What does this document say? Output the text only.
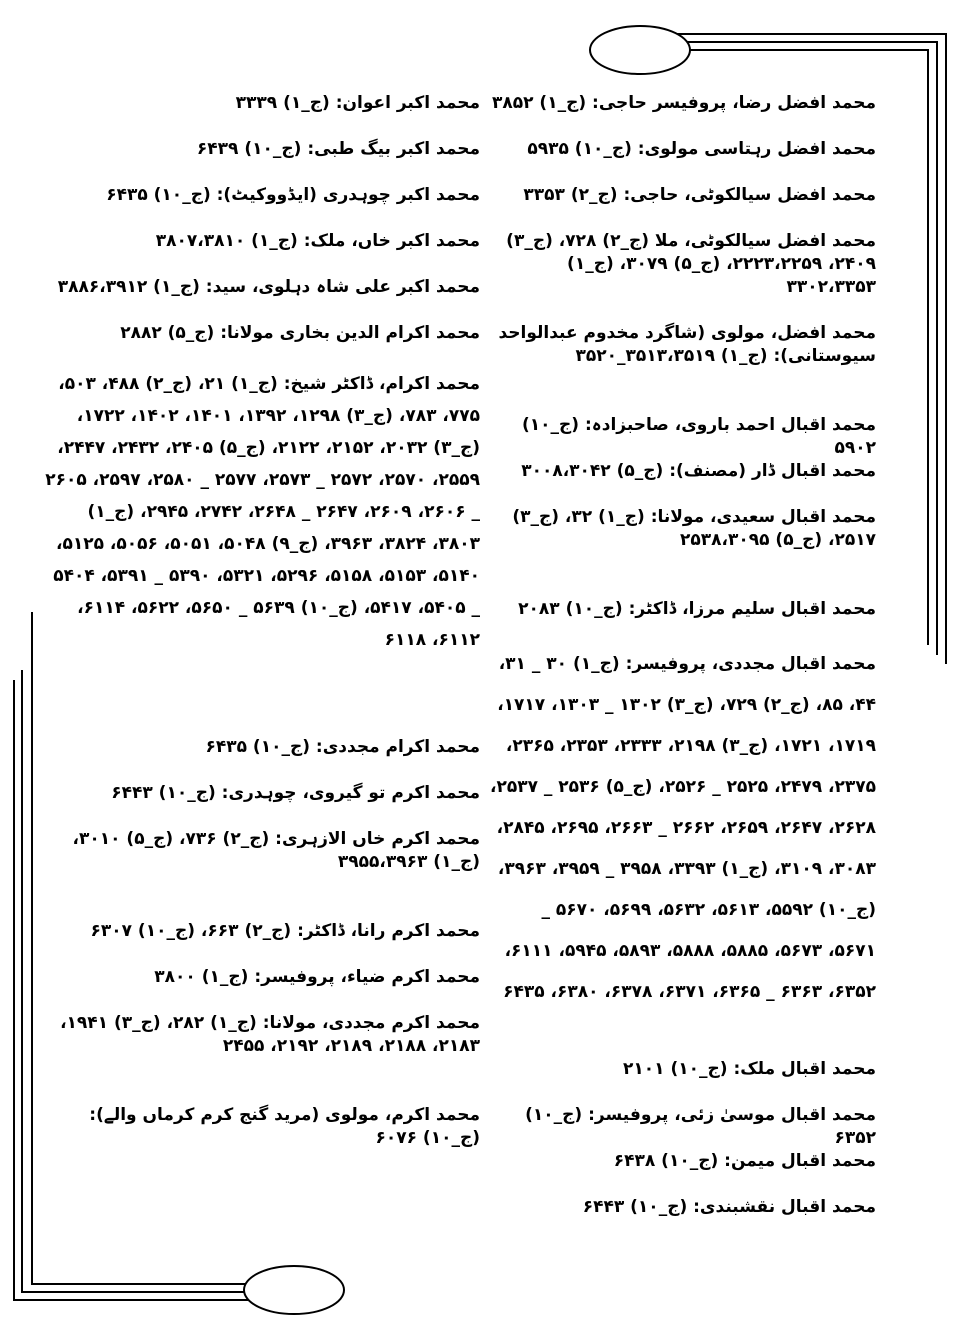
محمد افضل رضا، پروفیسر حاجی: (ج_۱) ۳۸۵۲
محمد افضل رہتاسی مولوی: (ج_۱۰) ۵۹۳۵
محمد افضل سیالکوٹی، حاجی: (ج_۲) ۳۳۵۳
محمد افضل سیالکوٹی، ملا (ج_۲) ۷۲۸، (ج_۳) ۲۴۰۹، ۲۲۲۳،۲۲۵۹، (ج_۵) ۳۰۷۹، (ج_۱) ۳۳۰۲،۳۳۵۳
محمد افضل، مولوی (شاگرد مخدوم عبدالواحد سیوستانی): (ج_۱) ۳۵۱۳،۳۵۱۹_۳۵۲۰
محمد اقبال احمد باروی، صاحبزادہ: (ج_۱۰) ۵۹۰۲
محمد اقبال ڈار (مصنف): (ج_۵) ۳۰۰۸،۳۰۴۲
محمد اقبال سعیدی، مولانا: (ج_۱) ۳۲، (ج_۳) ۲۵۱۷، (ج_۵) ۲۵۳۸،۳۰۹۵
محمد اقبال سلیم مرزا، ڈاکٹر: (ج_۱۰) ۲۰۸۳
محمد اقبال مجددی، پروفیسر: (ج_۱) ۳۰ _ ۳۱، ۴۴، ۸۵، (ج_۲) ۷۲۹، (ج_۳) ۱۳۰۲ _ ۱۳۰۳، ۱۷۱۷، ۱۷۱۹، ۱۷۲۱، (ج_۳) ۲۱۹۸، ۲۳۳۳، ۲۳۵۳، ۲۳۶۵، ۲۳۷۵، ۲۴۷۹، ۲۵۲۵ _ ۲۵۲۶، (ج_۵) ۲۵۳۶ _ ۲۵۳۷، ۲۶۲۸، ۲۶۴۷، ۲۶۵۹، ۲۶۶۲ _ ۲۶۶۳، ۲۶۹۵، ۲۸۴۵، ۳۰۸۳، ۳۱۰۹، (ج_۱) ۳۳۹۳، ۳۹۵۸ _ ۳۹۵۹، ۳۹۶۳، (ج_۱۰) ۵۵۹۲، ۵۶۱۳، ۵۶۳۲، ۵۶۹۹، ۵۶۷۰ _ ۵۶۷۱، ۵۶۷۳، ۵۸۸۵، ۵۸۸۸، ۵۸۹۳، ۵۹۴۵، ۶۱۱۱، ۶۳۵۲، ۶۳۶۳ _ ۶۳۶۵، ۶۳۷۱، ۶۳۷۸، ۶۳۸۰، ۶۴۳۵
محمد اقبال ملک: (ج_۱۰) ۲۱۰۱
محمد اقبال موسیٰ زئی، پروفیسر: (ج_۱۰) ۶۳۵۲
محمد اقبال میمن: (ج_۱۰) ۶۴۳۸
محمد اقبال نقشبندی: (ج_۱۰) ۶۴۴۳
محمد اکبر اعوان: (ج_۱) ۳۳۳۹
محمد اکبر بیگ طبی: (ج_۱۰) ۶۴۳۹
محمد اکبر چوہدری (ایڈووکیٹ): (ج_۱۰) ۶۴۳۵
محمد اکبر خاں، ملک: (ج_۱) ۳۸۰۷،۳۸۱۰
محمد اکبر علی شاہ دہلوی، سید: (ج_۱) ۳۸۸۶،۳۹۱۲
محمد اکرام الدین بخاری مولانا: (ج_۵) ۲۸۸۲
محمد اکرام، ڈاکٹر شیخ: (ج_۱) ۲۱، (ج_۲) ۴۸۸، ۵۰۳، ۷۷۵، ۷۸۳، (ج_۳) ۱۲۹۸، ۱۳۹۲، ۱۴۰۱، ۱۴۰۲، ۱۷۲۲، (ج_۳) ۲۰۳۲، ۲۱۵۲، ۲۱۲۲، (ج_۵) ۲۴۰۵، ۲۴۳۲، ۲۴۴۷، ۲۵۵۹، ۲۵۷۰، ۲۵۷۲ _ ۲۵۷۳، ۲۵۷۷ _ ۲۵۸۰، ۲۵۹۷، ۲۶۰۵ _ ۲۶۰۶، ۲۶۰۹، ۲۶۴۷ _ ۲۶۴۸، ۲۷۴۲، ۲۹۴۵، (ج_۱) ۳۸۰۳، ۳۸۲۴، ۳۹۶۳، (ج_۹) ۵۰۴۸، ۵۰۵۱، ۵۰۵۶، ۵۱۲۵، ۵۱۴۰، ۵۱۵۳، ۵۱۵۸، ۵۲۹۶، ۵۳۲۱، ۵۳۹۰ _ ۵۳۹۱، ۵۴۰۴ _ ۵۴۰۵، ۵۴۱۷، (ج_۱۰) ۵۶۳۹ _ ۵۶۵۰، ۵۶۲۲، ۶۱۱۴، ۶۱۱۲، ۶۱۱۸
محمد اکرام مجددی: (ج_۱۰) ۶۴۳۵
محمد اکرم تو گیروی، چوہدری: (ج_۱۰) ۶۴۴۳
محمد اکرم خاں الازہری: (ج_۲) ۷۳۶، (ج_۵) ۳۰۱۰، (ج_۱) ۳۹۵۵،۳۹۶۳
محمد اکرم رانا، ڈاکٹر: (ج_۲) ۶۶۳، (ج_۱۰) ۶۳۰۷
محمد اکرم ضیاء، پروفیسر: (ج_۱) ۳۸۰۰
محمد اکرم مجددی، مولانا: (ج_۱) ۲۸۲، (ج_۳) ۱۹۴۱، ۲۱۸۳، ۲۱۸۸، ۲۱۸۹، ۲۱۹۲، ۲۴۵۵
محمد اکرم، مولوی (مرید گنج کرم کرماں والے): (ج_۱۰) ۶۰۷۶
